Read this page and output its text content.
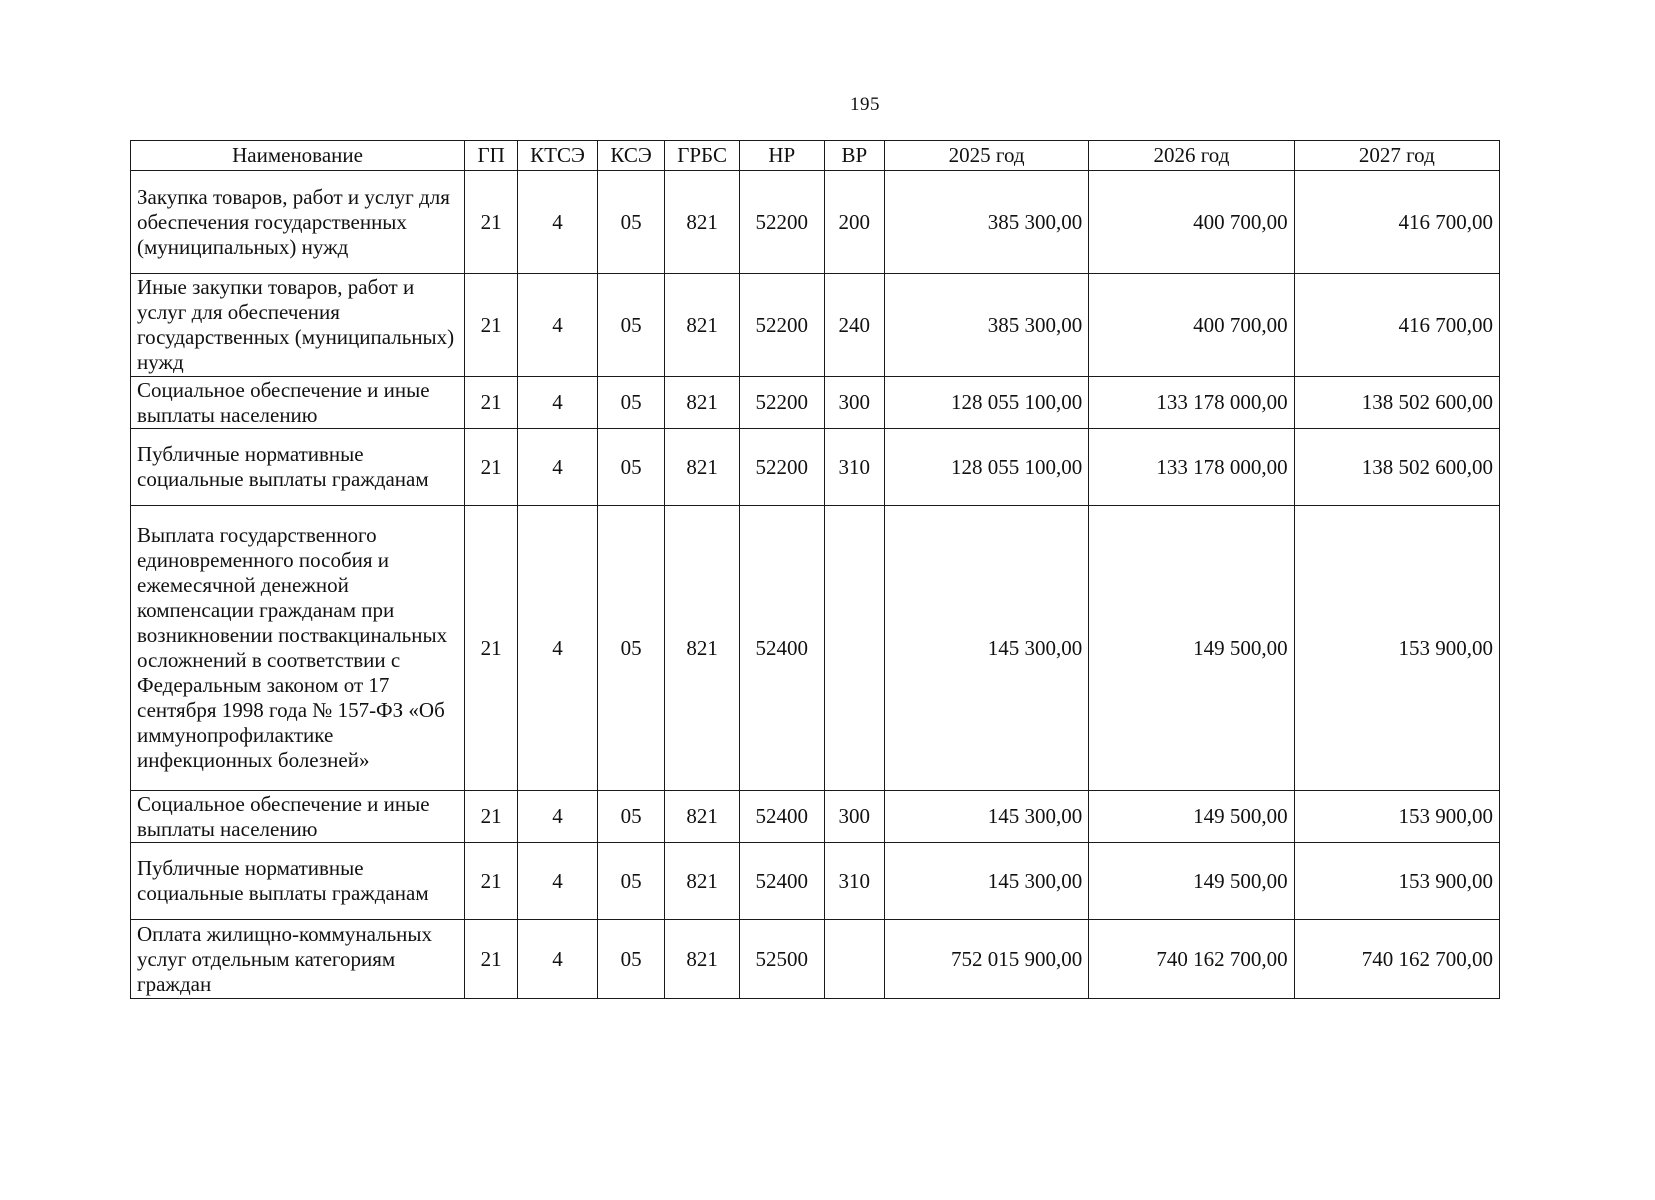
195
Наименование	ГП	КТСЭ	КСЭ	ГРБС	НР	ВР	2025 год	2026 год	2027 год
Закупка товаров, работ и услуг для обеспечения государственных (муниципальных) нужд	21	4	05	821	52200	200	385 300,00	400 700,00	416 700,00
Иные закупки товаров, работ и услуг для обеспечения государственных (муниципальных) нужд	21	4	05	821	52200	240	385 300,00	400 700,00	416 700,00
Социальное обеспечение и иные выплаты населению	21	4	05	821	52200	300	128 055 100,00	133 178 000,00	138 502 600,00
Публичные нормативные социальные выплаты гражданам	21	4	05	821	52200	310	128 055 100,00	133 178 000,00	138 502 600,00
Выплата государственного единовременного пособия и ежемесячной денежной компенсации гражданам при возникновении поствакцинальных осложнений в соответствии с Федеральным законом от 17 сентября 1998 года № 157-ФЗ «Об иммунопрофилактике инфекционных болезней»	21	4	05	821	52400		145 300,00	149 500,00	153 900,00
Социальное обеспечение и иные выплаты населению	21	4	05	821	52400	300	145 300,00	149 500,00	153 900,00
Публичные нормативные социальные выплаты гражданам	21	4	05	821	52400	310	145 300,00	149 500,00	153 900,00
Оплата жилищно-коммунальных услуг отдельным категориям граждан	21	4	05	821	52500		752 015 900,00	740 162 700,00	740 162 700,00
